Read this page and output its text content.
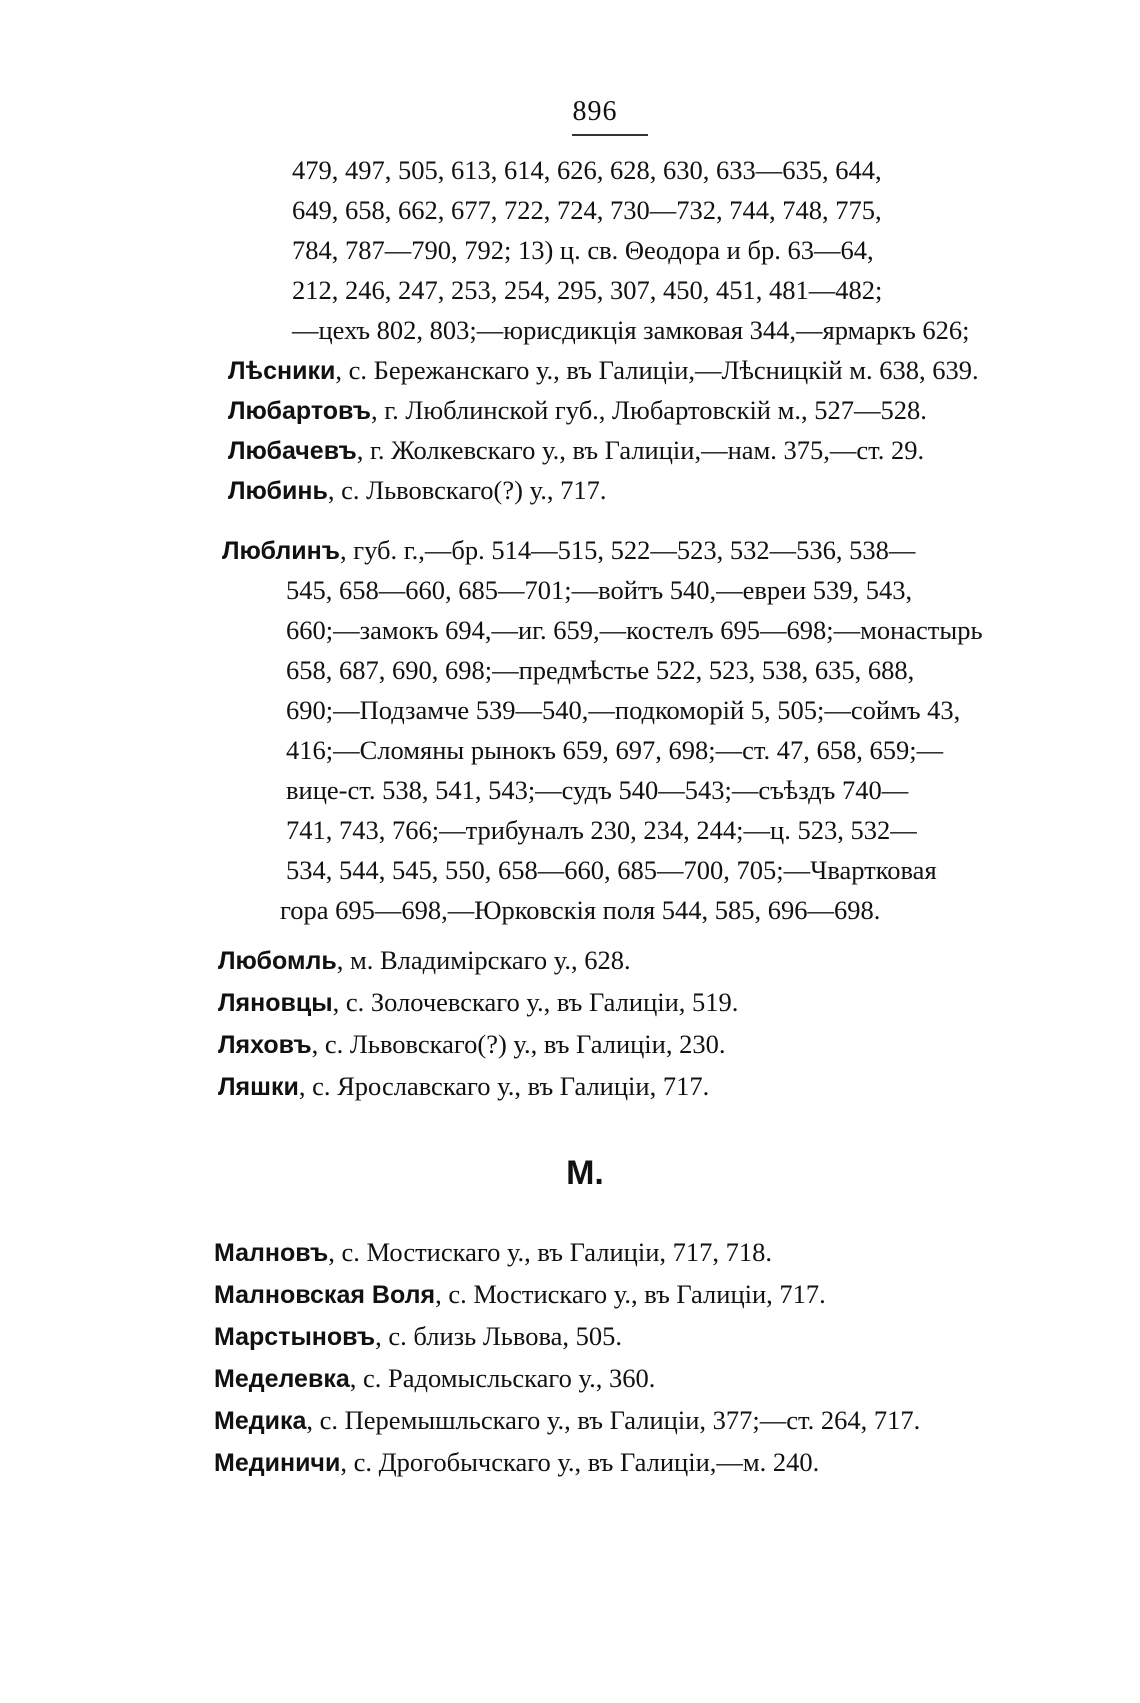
896
479, 497, 505, 613, 614, 626, 628, 630, 633—635, 644,
649, 658, 662, 677, 722, 724, 730—732, 744, 748, 775,
784, 787—790, 792; 13) ц. св. Θеодора и бр. 63—64,
212, 246, 247, 253, 254, 295, 307, 450, 451, 481—482;
—цехъ 802, 803;—юрисдикція замковая 344,—ярмаркъ 626;
Лѣсники, с. Бережанскаго у., въ Галиціи,—Лѣсницкій м. 638, 639.
Любартовъ, г. Люблинской губ., Любартовскій м., 527—528.
Любачевъ, г. Жолкевскаго у., въ Галиціи,—нам. 375,—ст. 29.
Любинь, с. Львовскаго(?) у., 717.
Люблинъ, губ. г.,—бр. 514—515, 522—523, 532—536, 538—
545, 658—660, 685—701;—войтъ 540,—евреи 539, 543,
660;—замокъ 694,—иг. 659,—костелъ 695—698;—монастырь
658, 687, 690, 698;—предмѣстье 522, 523, 538, 635, 688,
690;—Подзамче 539—540,—подкоморій 5, 505;—соймъ 43,
416;—Сломяны рынокъ 659, 697, 698;—ст. 47, 658, 659;—
вице-ст. 538, 541, 543;—судъ 540—543;—съѣздъ 740—
741, 743, 766;—трибуналъ 230, 234, 244;—ц. 523, 532—
534, 544, 545, 550, 658—660, 685—700, 705;—Чвартковая
гора 695—698,—Юрковскія поля 544, 585, 696—698.
Любомль, м. Владимірскаго у., 628.
Ляновцы, с. Золочевскаго у., въ Галиціи, 519.
Ляховъ, с. Львовскаго(?) у., въ Галиціи, 230.
Ляшки, с. Ярославскаго у., въ Галиціи, 717.
M.
Малновъ, с. Мостискаго у., въ Галиціи, 717, 718.
Малновская Воля, с. Мостискаго у., въ Галиціи, 717.
Марстыновъ, с. близь Львова, 505.
Меделевка, с. Радомысльскаго у., 360.
Медика, с. Перемышльскаго у., въ Галиціи, 377;—ст. 264, 717.
Мединичи, с. Дрогобычскаго у., въ Галиціи,—м. 240.
